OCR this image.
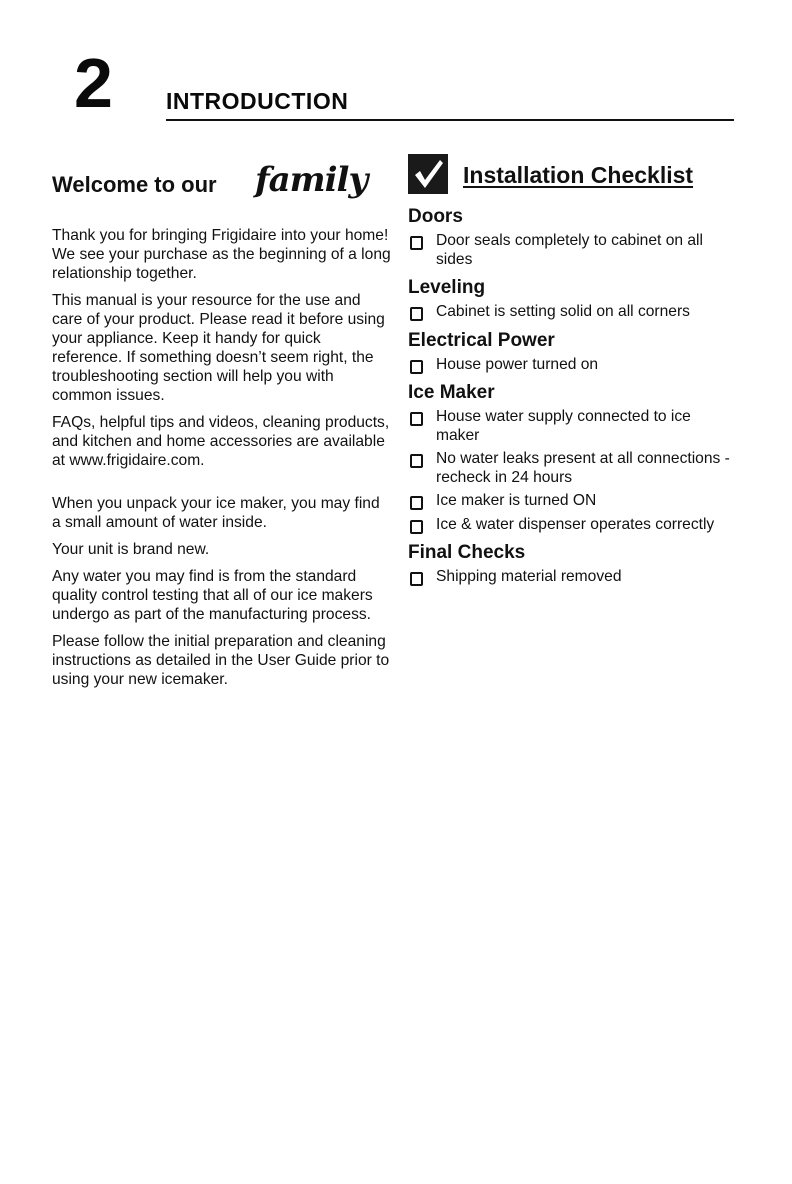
2 INTRODUCTION
Welcome to our family

Thank you for bringing Frigidaire into your home! We see your purchase as the beginning of a long relationship together.

This manual is your resource for the use and care of your product. Please read it before using your appliance. Keep it handy for quick reference. If something doesn’t seem right, the troubleshooting section will help you with common issues.

FAQs, helpful tips and videos, cleaning products, and kitchen and home accessories are available at www.frigidaire.com.

When you unpack your ice maker, you may find a small amount of water inside.

Your unit is brand new.

Any water you may find is from the standard quality control testing that all of our ice makers undergo as part of the manufacturing process.

Please follow the initial preparation and cleaning instructions as detailed in the User Guide prior to using your new icemaker.

Installation Checklist
Doors
Door seals completely to cabinet on all sides
Leveling
Cabinet is setting solid on all corners
Electrical Power
House power turned on
Ice Maker
House water supply connected to ice maker
No water leaks present at all connections - recheck in 24 hours
Ice maker is turned ON
Ice & water dispenser operates correctly
Final Checks
Shipping material removed
